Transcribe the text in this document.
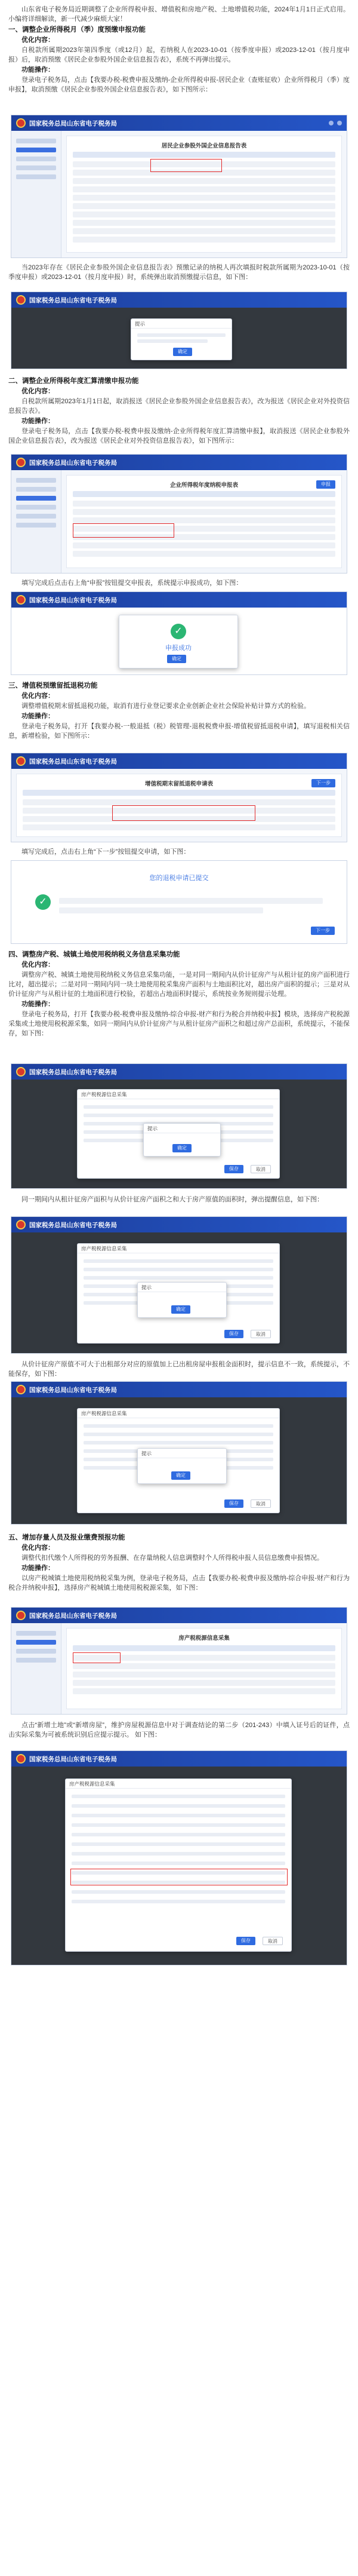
山东省电子税务局近期调整了企业所得税申报、增值税和房地产税、土地增值税功能，2024年1月1日正式启用。小编将详细解读，新一代减少麻烦大家！

一、调整企业所得税月（季）度预缴申报功能

优化内容：

自税款所属期2023年第四季度（或12月）起，若纳税人在2023-10-01（按季度申报）或2023-12-01（按月度申报）后，取消预缴《居民企业参股外国企业信息报告表》，系统不再弹出提示。

功能操作：

登录电子税务局，点击【我要办税-税费申报及缴纳-企业所得税申报-居民企业（查账征收）企业所得税月（季）度申报】，取消预缴《居民企业参股外国企业信息报告表》，如下图所示：

国家税务总局山东省电子税务局
居民企业参股外国企业信息报告表

当2023年存在《居民企业参股外国企业信息报告表》预缴记录的纳税人再次填报时税款所属期为2023-10-01（按季度申报）或2023-12-01（按月度申报）时，系统弹出取消预缴提示信息，如下图：

国家税务总局山东省电子税务局
提示
确定

二、调整企业所得税年度汇算清缴申报功能

优化内容：

自税款所属期2023年1月1日起，取消报送《居民企业参股外国企业信息报告表》，改为报送《居民企业对外投资信息报告表》。

功能操作：

登录电子税务局，点击【我要办税-税费申报及缴纳-企业所得税年度汇算清缴申报】，取消报送《居民企业参股外国企业信息报告表》，改为报送《居民企业对外投资信息报告表》，如下图所示：

国家税务总局山东省电子税务局
企业所得税年度纳税申报表	申报

填写完成后点击右上角“申报”按钮提交申报表，系统提示申报成功，如下图：

国家税务总局山东省电子税务局
✓
申报成功
确定

三、增值税预缴留抵退税功能

优化内容：

调整增值税期末留抵退税功能，取消有进行业登记要求企业创新企业社会保险补贴计算方式的检验。

功能操作：

登录电子税务局，打开【我要办税-一般退抵（税）税管理-退税税费申报-增值税留抵退税申请】，填写退税相关信息，新增检验，如下图所示：

国家税务总局山东省电子税务局
增值税期末留抵退税申请表	下一步

填写完成后，点击右上角“下一步”按钮提交申请，如下图：

您的退税申请已提交
✓
下一步

四、调整房产税、城镇土地使用税纳税义务信息采集功能

优化内容：

调整房产税、城镇土地使用税纳税义务信息采集功能，一是对同一期间内从价计征房产与从租计征的房产面积进行比对，超出提示；二是对同一期间内同一块土地使用税采集房产面积与土地面积比对，超出房产面积的提示；三是对从价计征房产与从租计征的土地面积进行校验，若超出占地面积时提示，系统按业务规则提示处理。

功能操作：

登录电子税务局，打开【我要办税-税费申报及缴纳-综合申报-财产和行为税合并纳税申报】模块，选择房产税税源采集或土地使用税税源采集，如同一期间内从价计征房产与从租计征房产面积之和超过房产总面积，系统提示，不能保存，如下图：

国家税务总局山东省电子税务局
房产税税源信息采集
提示
确定
保存	取消

同一期间内从租计征房产面积与从价计征房产面积之和大于房产原值的面积时，弹出提醒信息，如下图：

国家税务总局山东省电子税务局
房产税税源信息采集
提示
确定
保存	取消

从价计征房产原值不可大于出租部分对应的原值加上已出租房屋申报租金面积时，提示信息不一致，系统提示，不能保存，如下图：

国家税务总局山东省电子税务局
房产税税源信息采集
提示
确定
保存	取消

五、增加存量人员及报业缴费预报功能

优化内容：

调整代扣代缴个人所得税的劳务报酬、在存量纳税人信息调整时个人所得税申报人员信息缴费申报情况。

功能操作：

以房产税城镇土地使用税纳税采集为例，登录电子税务局，点击【我要办税-税费申报及缴纳-综合申报-财产和行为税合并纳税申报】，选择房产税城镇土地使用税税源采集，如下图：

国家税务总局山东省电子税务局
房产税税源信息采集

点击“新增土地”或“新增房屋”，维护房屋税源信息中对于调查结论的第二步（201-243）中填入证号后的证件，点击实际采集为可被系统识别后应提示提示。 如下图：

国家税务总局山东省电子税务局
房产税税源信息采集
保存	取消
